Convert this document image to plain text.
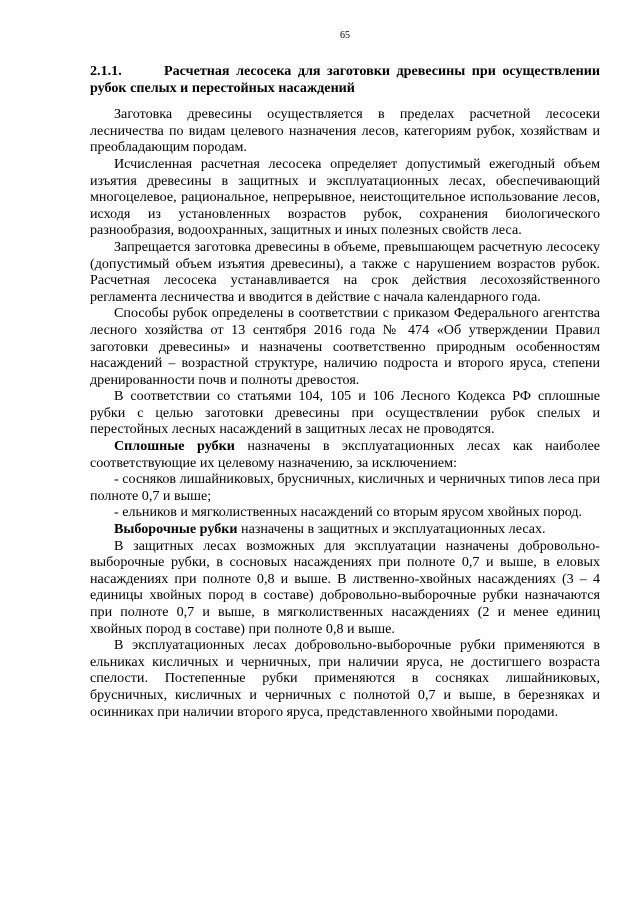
65

2.1.1.	Расчетная лесосека для заготовки древесины при осуществлении рубок спелых и перестойных насаждений

Заготовка древесины осуществляется в пределах расчетной лесосеки лесничества по видам целевого назначения лесов, категориям рубок, хозяйствам и преобладающим породам.

Исчисленная расчетная лесосека определяет допустимый ежегодный объем изъятия древесины в защитных и эксплуатационных лесах, обеспечивающий многоцелевое, рациональное, непрерывное, неистощительное использование лесов, исходя из установленных возрастов рубок, сохранения биологического разнообразия, водоохранных, защитных и иных полезных свойств леса.

Запрещается заготовка древесины в объеме, превышающем расчетную лесосеку (допустимый объем изъятия древесины), а также с нарушением возрастов рубок. Расчетная лесосека устанавливается на срок действия лесохозяйственного регламента лесничества и вводится в действие с начала календарного года.

Способы рубок определены в соответствии с приказом Федерального агентства лесного хозяйства от 13 сентября 2016 года № 474 «Об утверждении Правил заготовки древесины» и назначены соответственно природным особенностям насаждений – возрастной структуре, наличию подроста и второго яруса, степени дренированности почв и полноты древостоя.

В соответствии со статьями 104, 105 и 106 Лесного Кодекса РФ сплошные рубки с целью заготовки древесины при осуществлении рубок спелых и перестойных лесных насаждений в защитных лесах не проводятся.

Сплошные рубки назначены в эксплуатационных лесах как наиболее соответствующие их целевому назначению, за исключением:

- сосняков лишайниковых, брусничных, кисличных и черничных типов леса при полноте 0,7 и выше;

- ельников и мягколиственных насаждений со вторым ярусом хвойных пород.

Выборочные рубки назначены в защитных и эксплуатационных лесах.

В защитных лесах возможных для эксплуатации назначены добровольно-выборочные рубки, в сосновых насаждениях при полноте 0,7 и выше, в еловых насаждениях при полноте 0,8 и выше. В лиственно-хвойных насаждениях (3 – 4 единицы хвойных пород в составе) добровольно-выборочные рубки назначаются при полноте 0,7 и выше, в мягколиственных насаждениях (2 и менее единиц хвойных пород в составе) при полноте 0,8 и выше.

В эксплуатационных лесах добровольно-выборочные рубки применяются в ельниках кисличных и черничных, при наличии яруса, не достигшего возраста спелости. Постепенные рубки применяются в сосняках лишайниковых, брусничных, кисличных и черничных с полнотой 0,7 и выше, в березняках и осинниках при наличии второго яруса, представленного хвойными породами.
